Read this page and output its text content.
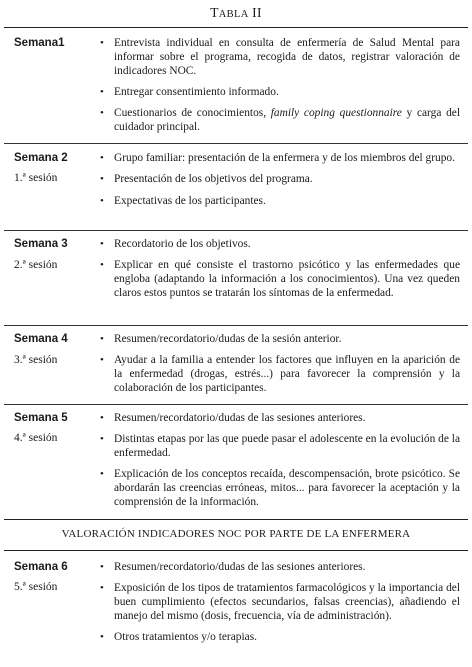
TABLA II
Semana1	• Entrevista individual en consulta de enfermería de Salud Mental para informar sobre el programa, recogida de datos, registrar valoración de indicadores NOC.
• Entregar consentimiento informado.
• Cuestionarios de conocimientos, family coping questionnaire y carga del cuidador principal.
Semana 2
1.ª sesión
• Grupo familiar: presentación de la enfermera y de los miembros del grupo.
• Presentación de los objetivos del programa.
• Expectativas de los participantes.
Semana 3
2.ª sesión
• Recordatorio de los objetivos.
• Explicar en qué consiste el trastorno psicótico y las enfermedades que engloba (adaptando la información a los conocimientos). Una vez queden claros estos puntos se tratarán los síntomas de la enfermedad.
Semana 4
3.ª sesión
• Resumen/recordatorio/dudas de la sesión anterior.
• Ayudar a la familia a entender los factores que influyen en la aparición de la enfermedad (drogas, estrés...) para favorecer la comprensión y la colaboración de los participantes.
Semana 5
4.ª sesión
• Resumen/recordatorio/dudas de las sesiones anteriores.
• Distintas etapas por las que puede pasar el adolescente en la evolución de la enfermedad.
• Explicación de los conceptos recaída, descompensación, brote psicótico. Se abordarán las creencias erróneas, mitos... para favorecer la aceptación y la comprensión de la información.
VALORACIÓN INDICADORES NOC POR PARTE DE LA ENFERMERA
Semana 6
5.ª sesión
• Resumen/recordatorio/dudas de las sesiones anteriores.
• Exposición de los tipos de tratamientos farmacológicos y la importancia del buen cumplimiento (efectos secundarios, falsas creencias), añadiendo el manejo del mismo (dosis, frecuencia, vía de administración).
• Otros tratamientos y/o terapias.
